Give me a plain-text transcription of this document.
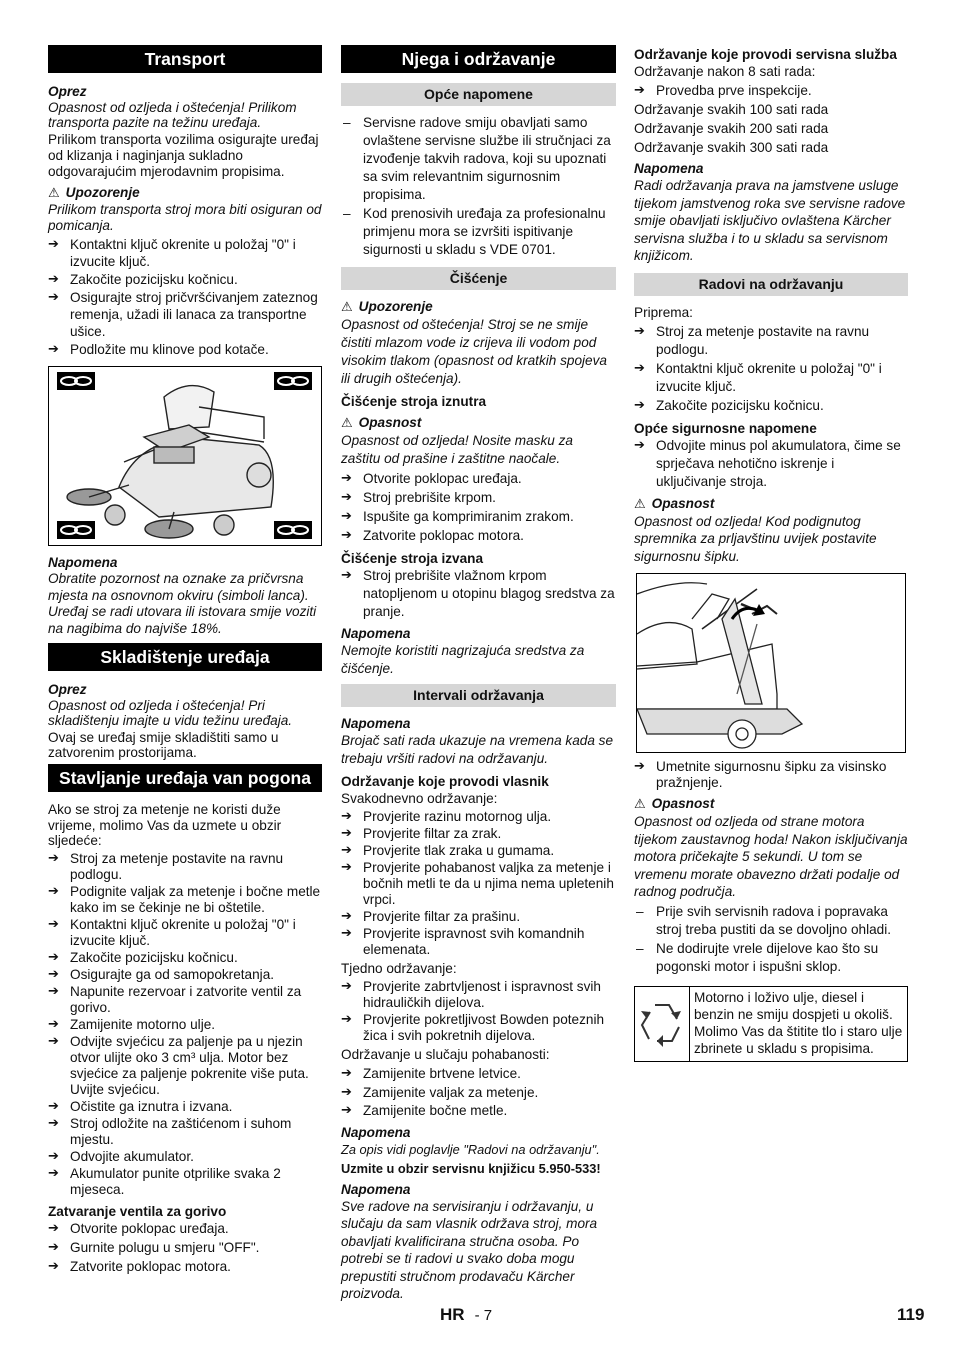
Transport
Oprez
Opasnost od ozljeda i oštećenja! Prilikom transporta pazite na težinu uređaja.
Prilikom transporta vozilima osigurajte uređaj od klizanja i naginjanja sukladno odgovarajućim mjerodavnim propisima.
⚠ Upozorenje
Prilikom transporta stroj mora biti osiguran od pomicanja.
➔ Kontaktni ključ okrenite u položaj "0" i izvucite ključ.
➔ Zakočite pozicijsku kočnicu.
➔ Osigurajte stroj pričvršćivanjem zateznog remenja, užadi ili lanaca za transportne ušice.
➔ Podložite mu klinove pod kotače.
Napomena
Obratite pozornost na oznake za pričvrsna mjesta na osnovnom okviru (simboli lanca). Uređaj se radi utovara ili istovara smije voziti na nagibima do najviše 18%.
Skladištenje uređaja
Oprez
Opasnost od ozljeda i oštećenja! Pri skladištenju imajte u vidu težinu uređaja.
Ovaj se uređaj smije skladištiti samo u zatvorenim prostorijama.
Stavljanje uređaja van pogona
Ako se stroj za metenje ne koristi duže vrijeme, molimo Vas da uzmete u obzir sljedeće:
➔ Stroj za metenje postavite na ravnu podlogu.
➔ Podignite valjak za metenje i bočne metle kako im se čekinje ne bi oštetile.
➔ Kontaktni ključ okrenite u položaj "0" i izvucite ključ.
➔ Zakočite pozicijsku kočnicu.
➔ Osigurajte ga od samopokretanja.
➔ Napunite rezervoar i zatvorite ventil za gorivo.
➔ Zamijenite motorno ulje.
➔ Odvijte svjećicu za paljenje pa u njezin otvor ulijte oko 3 cm³ ulja. Motor bez svjećice za paljenje pokrenite više puta. Uvijte svjećicu.
➔ Očistite ga iznutra i izvana.
➔ Stroj odložite na zaštićenom i suhom mjestu.
➔ Odvojite akumulator.
➔ Akumulator punite otprilike svaka 2 mjeseca.
Zatvaranje ventila za gorivo
➔ Otvorite poklopac uređaja.
➔ Gurnite polugu u smjeru "OFF".
➔ Zatvorite poklopac motora.
Njega i održavanje
Opće napomene
– Servisne radove smiju obavljati samo ovlaštene servisne službe ili stručnjaci za izvođenje takvih radova, koji su upoznati sa svim relevantnim sigurnosnim propisima.
– Kod prenosivih uređaja za profesionalnu primjenu mora se izvršiti ispitivanje sigurnosti u skladu s VDE 0701.
Čišćenje
⚠ Upozorenje
Opasnost od oštećenja! Stroj se ne smije čistiti mlazom vode iz crijeva ili vodom pod visokim tlakom (opasnost od kratkih spojeva ili drugih oštećenja).
Čišćenje stroja iznutra
⚠ Opasnost
Opasnost od ozljeda! Nosite masku za zaštitu od prašine i zaštitne naočale.
➔ Otvorite poklopac uređaja.
➔ Stroj prebrišite krpom.
➔ Ispušite ga komprimiranim zrakom.
➔ Zatvorite poklopac motora.
Čišćenje stroja izvana
➔ Stroj prebrišite vlažnom krpom natopljenom u otopinu blagog sredstva za pranje.
Napomena
Nemojte koristiti nagrizajuća sredstva za čišćenje.
Intervali održavanja
Napomena
Brojač sati rada ukazuje na vremena kada se trebaju vršiti radovi na održavanju.
Održavanje koje provodi vlasnik
Svakodnevno održavanje:
➔ Provjerite razinu motornog ulja.
➔ Provjerite filtar za zrak.
➔ Provjerite tlak zraka u gumama.
➔ Provjerite pohabanost valjka za metenje i bočnih metli te da u njima nema upletenih vrpci.
➔ Provjerite filtar za prašinu.
➔ Provjerite ispravnost svih komandnih elemenata.
Tjedno održavanje:
➔ Provjerite zabrtvljenost i ispravnost svih hidrauličkih dijelova.
➔ Provjerite pokretljivost Bowden poteznih žica i svih pokretnih dijelova.
Održavanje u slučaju pohabanosti:
➔ Zamijenite brtvene letvice.
➔ Zamijenite valjak za metenje.
➔ Zamijenite bočne metle.
Napomena
Za opis vidi poglavlje "Radovi na održavanju".
Uzmite u obzir servisnu knjižicu 5.950-533!
Napomena
Sve radove na servisiranju i održavanju, u slučaju da sam vlasnik održava stroj, mora obavljati kvalificirana stručna osoba. Po potrebi se ti radovi u svako doba mogu prepustiti stručnom prodavaču Kärcher proizvoda.
Održavanje koje provodi servisna služba
Održavanje nakon 8 sati rada:
➔ Provedba prve inspekcije.
Održavanje svakih 100 sati rada
Održavanje svakih 200 sati rada
Održavanje svakih 300 sati rada
Napomena
Radi održavanja prava na jamstvene usluge tijekom jamstvenog roka sve servisne radove smije obavljati isključivo ovlaštena Kärcher servisna služba i to u skladu sa servisnom knjižicom.
Radovi na održavanju
Priprema:
➔ Stroj za metenje postavite na ravnu podlogu.
➔ Kontaktni ključ okrenite u položaj "0" i izvucite ključ.
➔ Zakočite pozicijsku kočnicu.
Opće sigurnosne napomene
➔ Odvojite minus pol akumulatora, čime se sprječava nehotično iskrenje i uključivanje stroja.
⚠ Opasnost
Opasnost od ozljeda! Kod podignutog spremnika za prljavštinu uvijek postavite sigurnosnu šipku.
➔ Umetnite sigurnosnu šipku za visinsko pražnjenje.
⚠ Opasnost
Opasnost od ozljeda od strane motora tijekom zaustavnog hoda! Nakon isključivanja motora pričekajte 5 sekundi. U tom se vremenu morate obavezno držati podalje od radnog područja.
– Prije svih servisnih radova i popravaka stroj treba pustiti da se dovoljno ohladi.
– Ne dodirujte vrele dijelove kao što su pogonski motor i ispušni sklop.
Motorno i loživo ulje, diesel i benzin ne smiju dospjeti u okoliš. Molimo Vas da štitite tlo i staro ulje zbrinete u skladu s propisima.
HR - 7	119
